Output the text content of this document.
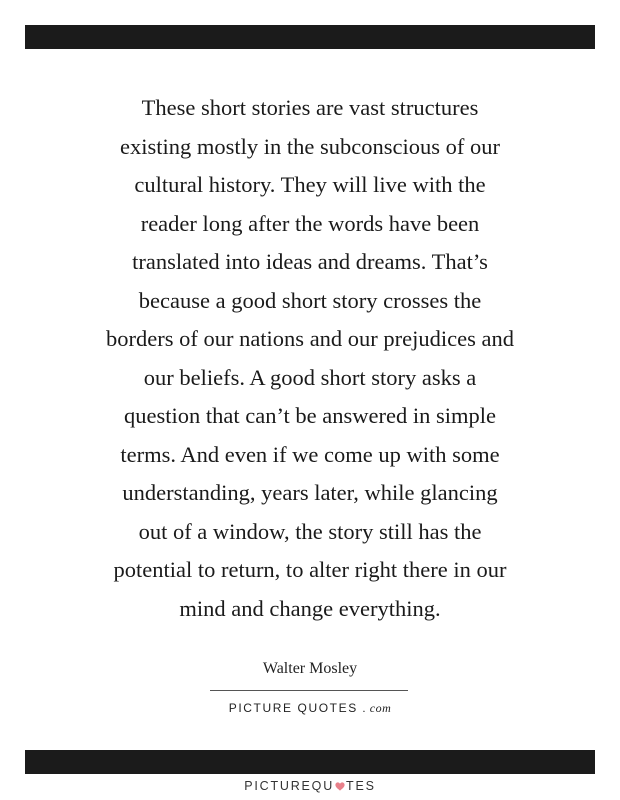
These short stories are vast structures
existing mostly in the subconscious of our
cultural history. They will live with the
reader long after the words have been
translated into ideas and dreams. That’s
because a good short story crosses the
borders of our nations and our prejudices and
our beliefs. A good short story asks a
question that can’t be answered in simple
terms. And even if we come up with some
understanding, years later, while glancing
out of a window, the story still has the
potential to return, to alter right there in our
mind and change everything.

Walter Mosley
PICTURE QUOTES . com
PICTUREQU TES
